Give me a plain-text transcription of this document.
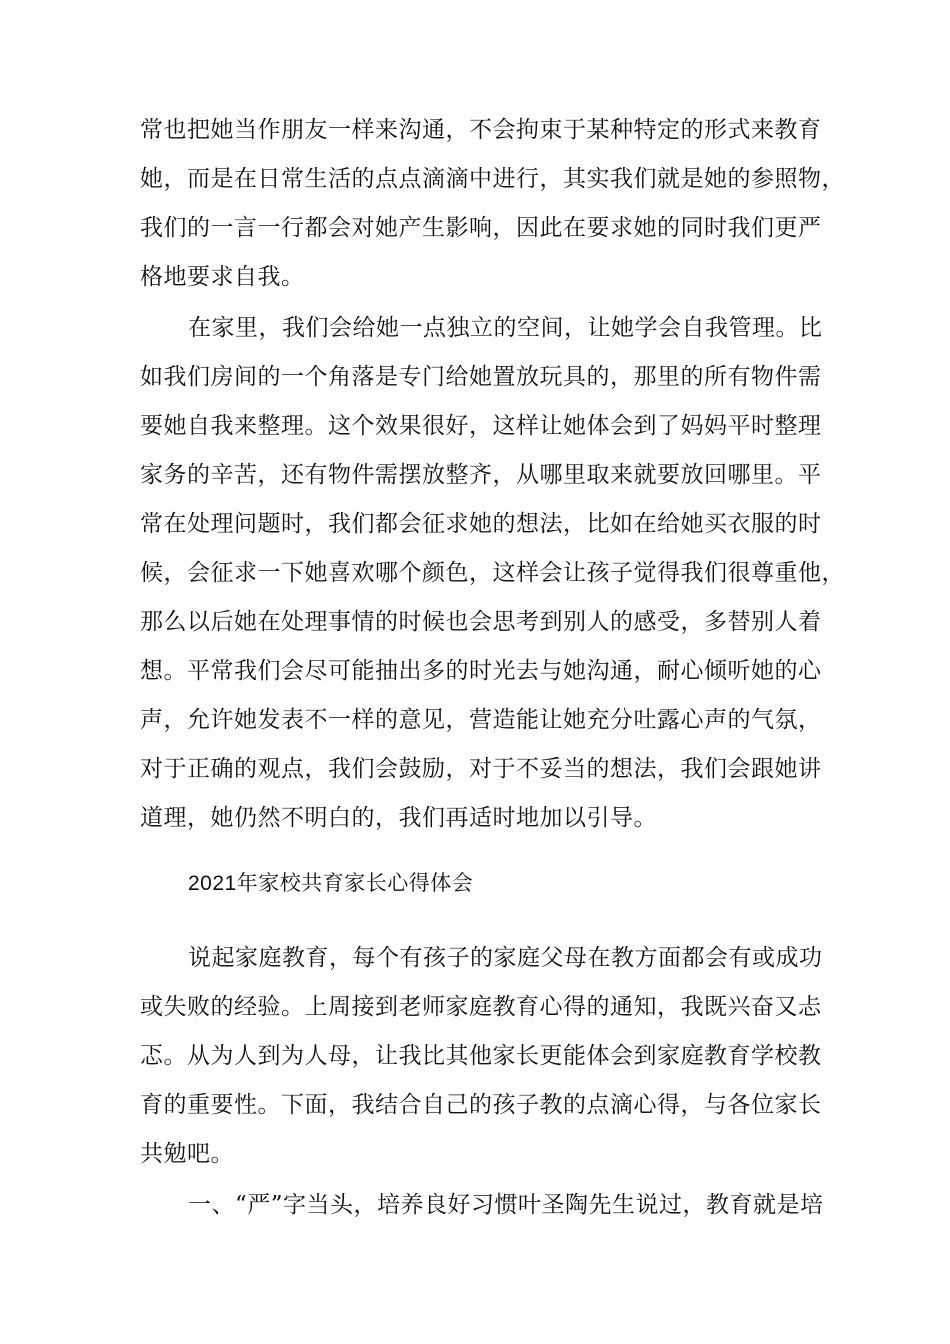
常也把她当作朋友一样来沟通，不会拘束于某种特定的形式来教育
她，而是在日常生活的点点滴滴中进行，其实我们就是她的参照物，
我们的一言一行都会对她产生影响，因此在要求她的同时我们更严
格地要求自我。
在家里，我们会给她一点独立的空间，让她学会自我管理。比
如我们房间的一个角落是专门给她置放玩具的，那里的所有物件需
要她自我来整理。这个效果很好，这样让她体会到了妈妈平时整理
家务的辛苦，还有物件需摆放整齐，从哪里取来就要放回哪里。平
常在处理问题时，我们都会征求她的想法，比如在给她买衣服的时
候，会征求一下她喜欢哪个颜色，这样会让孩子觉得我们很尊重他，
那么以后她在处理事情的时候也会思考到别人的感受，多替别人着
想。平常我们会尽可能抽出多的时光去与她沟通，耐心倾听她的心
声，允许她发表不一样的意见，营造能让她充分吐露心声的气氛，
对于正确的观点，我们会鼓励，对于不妥当的想法，我们会跟她讲
道理，她仍然不明白的，我们再适时地加以引导。
2021年家校共育家长心得体会
说起家庭教育，每个有孩子的家庭父母在教方面都会有或成功
或失败的经验。上周接到老师家庭教育心得的通知，我既兴奋又忐
忑。从为人到为人母，让我比其他家长更能体会到家庭教育学校教
育的重要性。下面，我结合自己的孩子教的点滴心得，与各位家长
共勉吧。
一、“严”字当头，培养良好习惯叶圣陶先生说过，教育就是培
